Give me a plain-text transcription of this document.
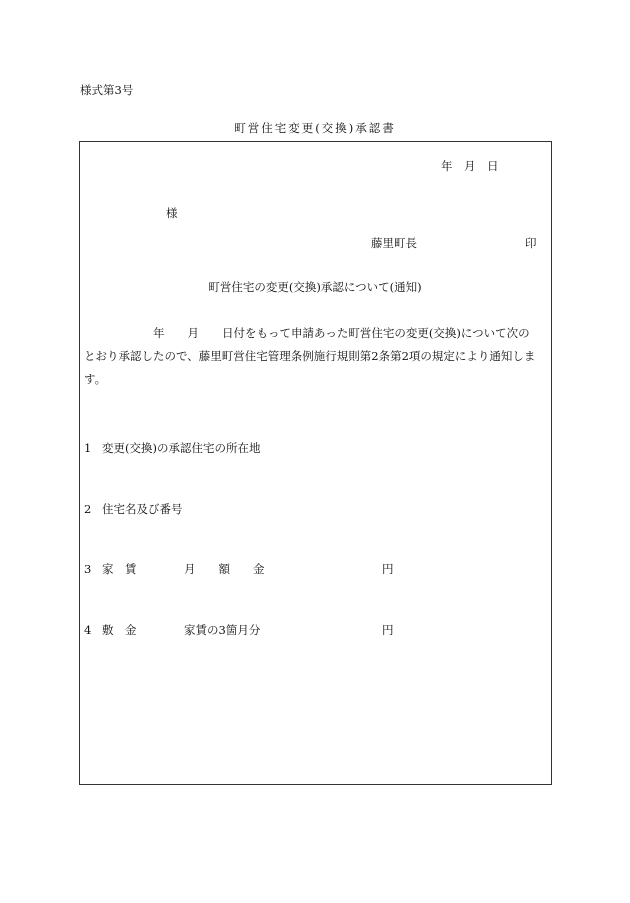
様式第3号
町営住宅変更(交換)承認書
年　月　日
様
藤里町長	印
町営住宅の変更(交換)承認について(通知)
年　　月　　日付をもって申請あった町営住宅の変更(交換)について次の
とおり承認したので、藤里町営住宅管理条例施行規則第2条第2項の規定により通知しま
す。
1 変更(交換)の承認住宅の所在地
2 住宅名及び番号
3 家　賃	月　　額　　金	円
4 敷　金	家賃の3箇月分	円
